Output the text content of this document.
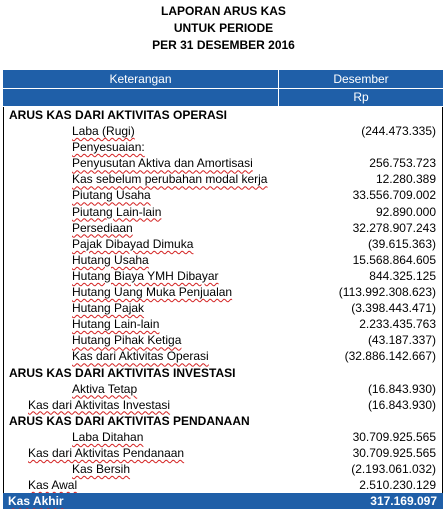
LAPORAN ARUS KAS
UNTUK PERIODE
PER 31 DESEMBER 2016
Keterangan	Desember
Rp
ARUS KAS DARI AKTIVITAS OPERASI
Laba (Rugi)	(244.473.335)
Penyesuaian:
Penyusutan Aktiva dan Amortisasi	256.753.723
Kas sebelum perubahan modal kerja	12.280.389
Piutang Usaha	33.556.709.002
Piutang Lain-lain	92.890.000
Persediaan	32.278.907.243
Pajak Dibayad Dimuka	(39.615.363)
Hutang Usaha	15.568.864.605
Hutang Biaya YMH Dibayar	844.325.125
Hutang Uang Muka Penjualan	(113.992.308.623)
Hutang Pajak	(3.398.443.471)
Hutang Lain-lain	2.233.435.763
Hutang Pihak Ketiga	(43.187.337)
Kas dari Aktivitas Operasi	(32.886.142.667)
ARUS KAS DARI AKTIVITAS INVESTASI
Aktiva Tetap	(16.843.930)
Kas dari Aktivitas Investasi	(16.843.930)
ARUS KAS DARI AKTIVITAS PENDANAAN
Laba Ditahan	30.709.925.565
Kas dari Aktivitas Pendanaan	30.709.925.565
Kas Bersih	(2.193.061.032)
Kas Awal	2.510.230.129
Kas Akhir	317.169.097
